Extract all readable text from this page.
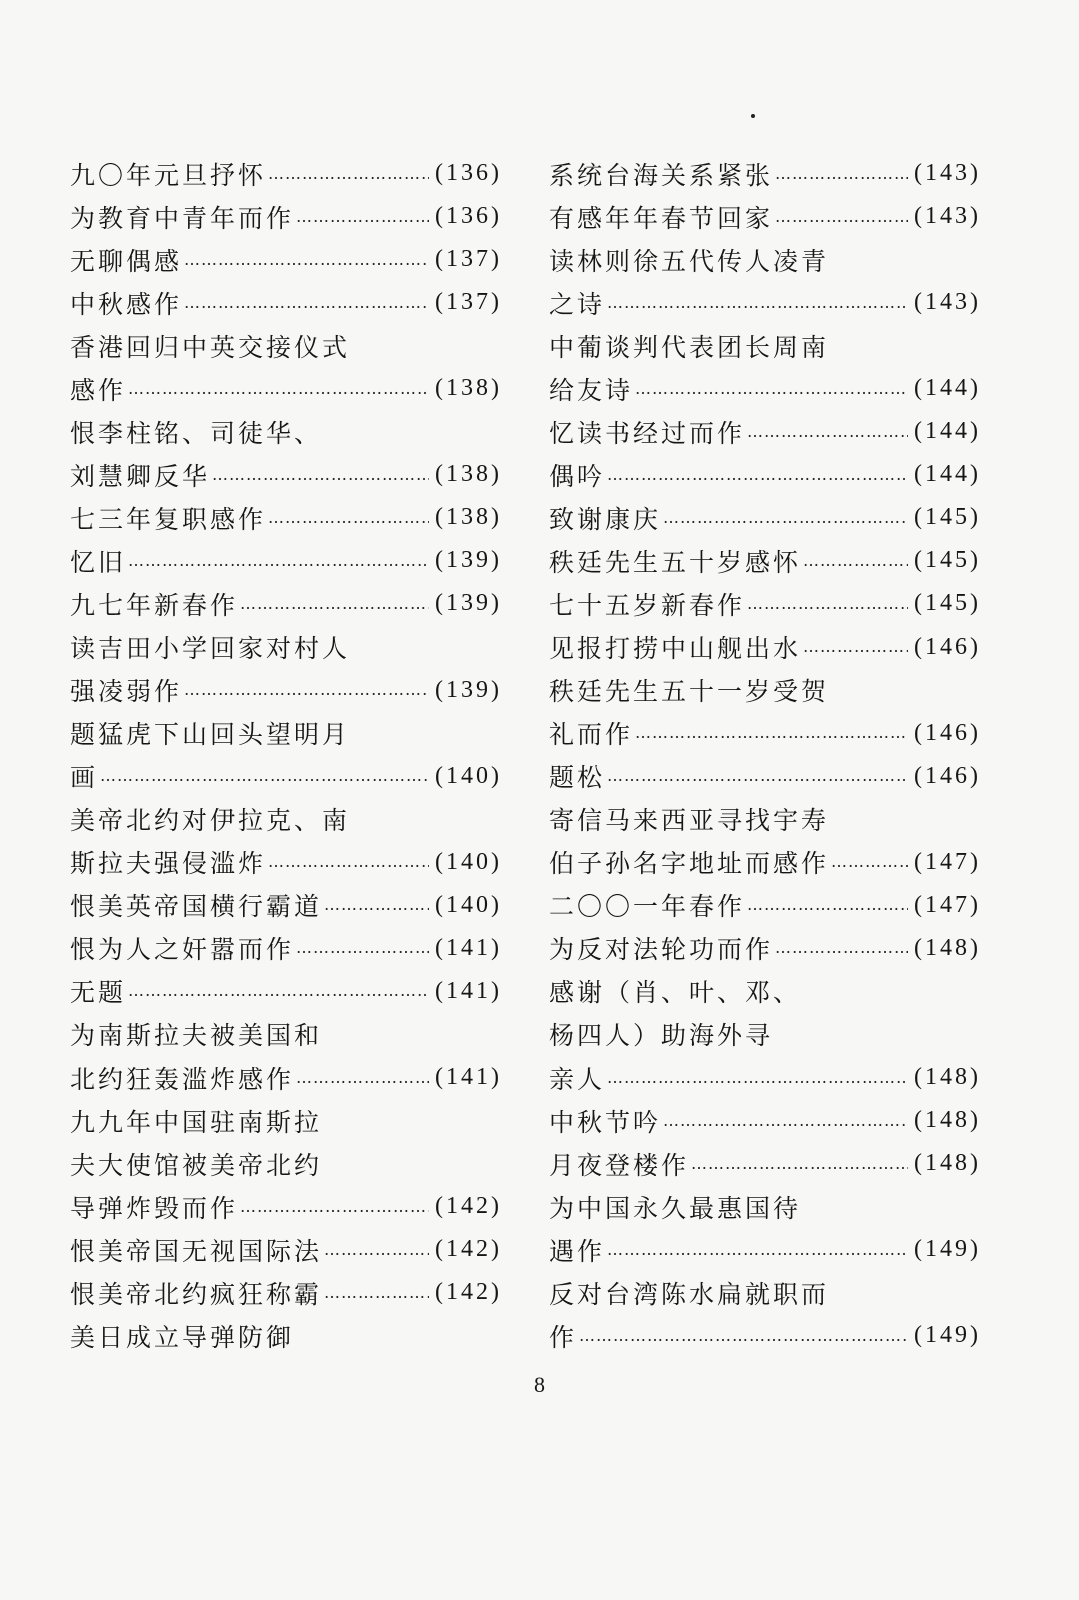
九〇年元旦抒怀 ……………………………………………………………………………………………………………	(136)
为教育中青年而作 ……………………………………………………………………………………………………………	(136)
无聊偶感 ……………………………………………………………………………………………………………	(137)
中秋感作 ……………………………………………………………………………………………………………	(137)
香港回归中英交接仪式
感作 ……………………………………………………………………………………………………………	(138)
恨李柱铭、司徒华、
刘慧卿反华 ……………………………………………………………………………………………………………	(138)
七三年复职感作 ……………………………………………………………………………………………………………	(138)
忆旧 ……………………………………………………………………………………………………………	(139)
九七年新春作 ……………………………………………………………………………………………………………	(139)
读吉田小学回家对村人
强凌弱作 ……………………………………………………………………………………………………………	(139)
题猛虎下山回头望明月
画 ……………………………………………………………………………………………………………	(140)
美帝北约对伊拉克、南
斯拉夫强侵滥炸 ……………………………………………………………………………………………………………	(140)
恨美英帝国横行霸道 ……………………………………………………………………………………………………………	(140)
恨为人之奸嚣而作 ……………………………………………………………………………………………………………	(141)
无题 ……………………………………………………………………………………………………………	(141)
为南斯拉夫被美国和
北约狂轰滥炸感作 ……………………………………………………………………………………………………………	(141)
九九年中国驻南斯拉
夫大使馆被美帝北约
导弹炸毁而作 ……………………………………………………………………………………………………………	(142)
恨美帝国无视国际法 ……………………………………………………………………………………………………………	(142)
恨美帝北约疯狂称霸 ……………………………………………………………………………………………………………	(142)
美日成立导弹防御
系统台海关系紧张 ……………………………………………………………………………………………………………	(143)
有感年年春节回家 ……………………………………………………………………………………………………………	(143)
读林则徐五代传人凌青
之诗 ……………………………………………………………………………………………………………	(143)
中葡谈判代表团长周南
给友诗 ……………………………………………………………………………………………………………	(144)
忆读书经过而作 ……………………………………………………………………………………………………………	(144)
偶吟 ……………………………………………………………………………………………………………	(144)
致谢康庆 ……………………………………………………………………………………………………………	(145)
秩廷先生五十岁感怀 ……………………………………………………………………………………………………………	(145)
七十五岁新春作 ……………………………………………………………………………………………………………	(145)
见报打捞中山舰出水 ……………………………………………………………………………………………………………	(146)
秩廷先生五十一岁受贺
礼而作 ……………………………………………………………………………………………………………	(146)
题松 ……………………………………………………………………………………………………………	(146)
寄信马来西亚寻找宇寿
伯子孙名字地址而感作 ……………………………………………………………………………………………………………	(147)
二〇〇一年春作 ……………………………………………………………………………………………………………	(147)
为反对法轮功而作 ……………………………………………………………………………………………………………	(148)
感谢（肖、叶、邓、
杨四人）助海外寻
亲人 ……………………………………………………………………………………………………………	(148)
中秋节吟 ……………………………………………………………………………………………………………	(148)
月夜登楼作 ……………………………………………………………………………………………………………	(148)
为中国永久最惠国待
遇作 ……………………………………………………………………………………………………………	(149)
反对台湾陈水扁就职而
作 ……………………………………………………………………………………………………………	(149)
8
